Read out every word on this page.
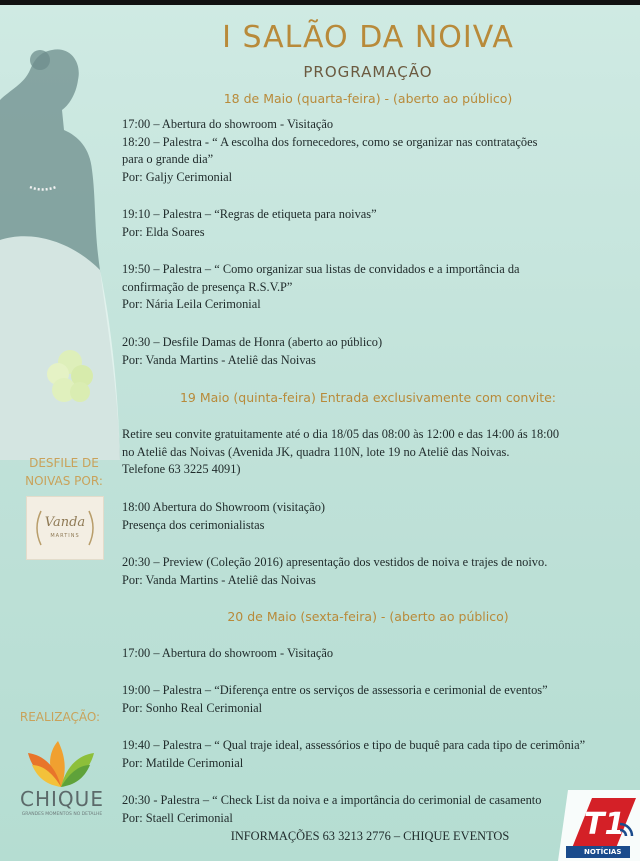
I SALÃO DA NOIVA
PROGRAMAÇÃO
18 de Maio (quarta-feira) - (aberto ao público)
17:00 – Abertura do showroom - Visitação
18:20 – Palestra - “ A escolha dos fornecedores, como se organizar nas contratações
para o grande dia”
Por: Galjy Cerimonial
19:10 – Palestra – “Regras de etiqueta para noivas”
Por: Elda Soares
19:50 – Palestra – “ Como organizar sua listas de convidados e a importância da
confirmação de presença R.S.V.P”
Por: Nária Leila Cerimonial
20:30 – Desfile Damas de Honra (aberto ao público)
Por: Vanda Martins - Ateliê das Noivas
19 Maio (quinta-feira) Entrada exclusivamente com convite:
Retire seu convite gratuitamente até o dia 18/05 das 08:00 às 12:00 e das 14:00 ás 18:00
no Ateliê das Noivas (Avenida JK, quadra 110N, lote 19 no Ateliê das Noivas.
Telefone 63 3225 4091)
18:00 Abertura do Showroom (visitação)
Presença dos cerimonialistas
20:30 – Preview (Coleção 2016) apresentação dos vestidos de noiva e trajes de noivo.
Por: Vanda Martins - Ateliê das Noivas
20 de Maio (sexta-feira) - (aberto ao público)
17:00 – Abertura do showroom - Visitação
19:00 – Palestra – “Diferença entre os serviços de assessoria e cerimonial de eventos”
Por: Sonho Real Cerimonial
19:40 – Palestra – “ Qual traje ideal, assessórios e tipo de buquê para cada tipo de cerimônia”
Por: Matilde Cerimonial
20:30 - Palestra – “ Check List da noiva e a importância do cerimonial de casamento
Por: Staell Cerimonial
INFORMAÇÕES 63 3213 2776 – CHIQUE EVENTOS
DESFILE DE
NOIVAS POR:
Vanda
MARTINS
REALIZAÇÃO:
CHIQUE
GRANDES MOMENTOS NO DETALHE	T1
NOTÍCIAS
